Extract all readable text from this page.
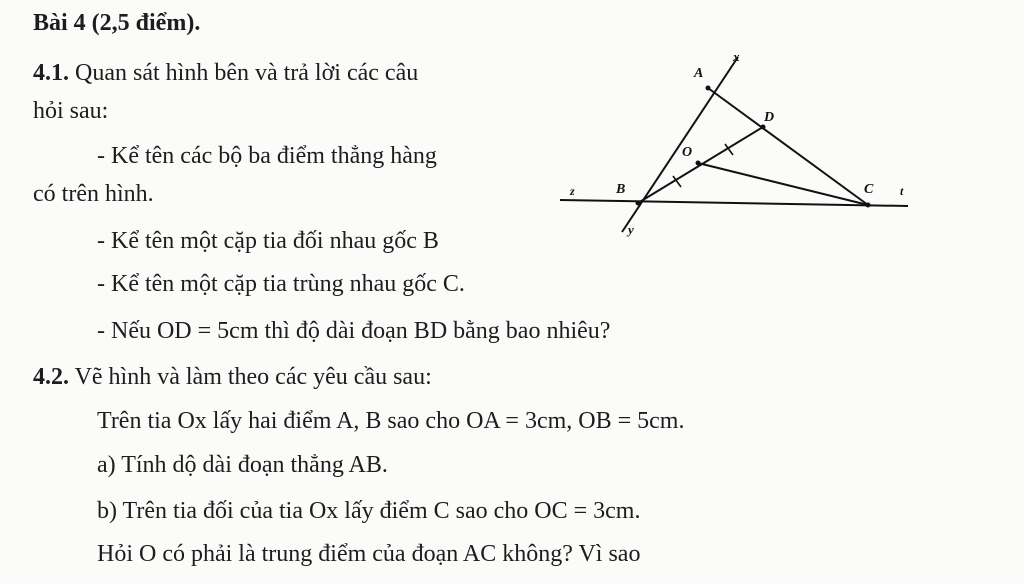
Bài 4 (2,5 điểm).
4.1. Quan sát hình bên và trả lời các câu
hỏi sau:
- Kể tên các bộ ba điểm thẳng hàng
có trên hình.
- Kể tên một cặp tia đối nhau gốc B
- Kể tên một cặp tia trùng nhau gốc C.
- Nếu OD = 5cm thì độ dài đoạn BD bằng bao nhiêu?
4.2. Vẽ hình và làm theo các yêu cầu sau:
Trên tia Ox lấy hai điểm A, B sao cho OA = 3cm, OB = 5cm.
a) Tính dộ dài đoạn thẳng AB.
b) Trên tia đối của tia Ox lấy điểm C sao cho OC = 3cm.
Hỏi O có phải là trung điểm của đoạn AC không? Vì sao
A
x
D
O
B
z	C t
y
